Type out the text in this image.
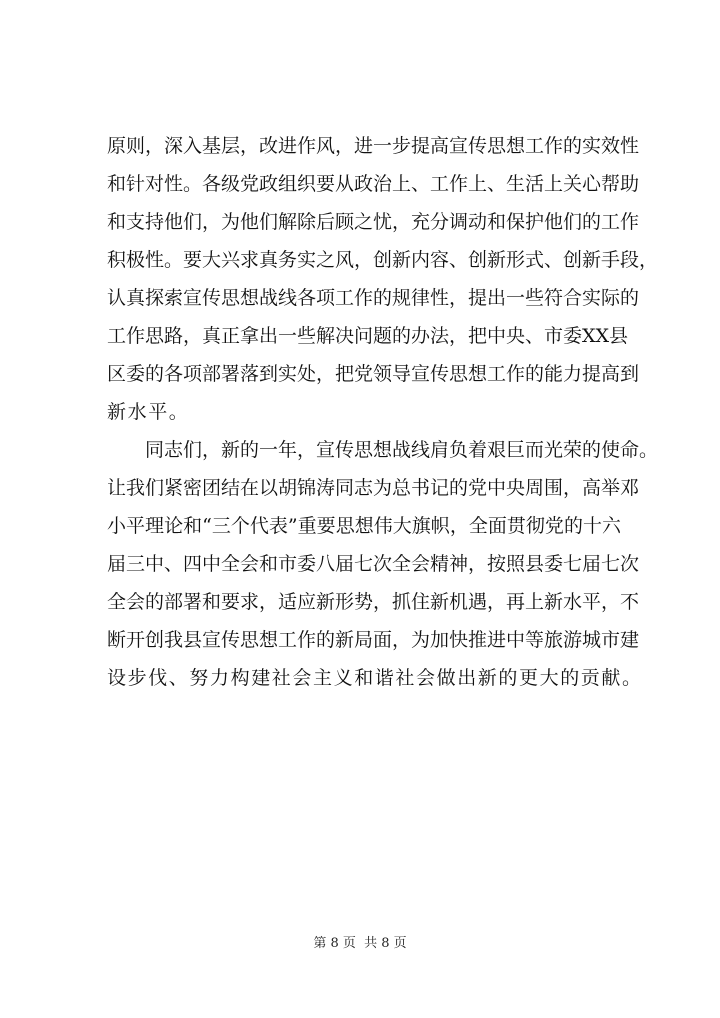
原则，深入基层，改进作风，进一步提高宣传思想工作的实效性
和针对性。各级党政组织要从政治上、工作上、生活上关心帮助
和支持他们，为他们解除后顾之忧，充分调动和保护他们的工作
积极性。要大兴求真务实之风，创新内容、创新形式、创新手段，
认真探索宣传思想战线各项工作的规律性，提出一些符合实际的
工作思路，真正拿出一些解决问题的办法，把中央、市委XX县
区委的各项部署落到实处，把党领导宣传思想工作的能力提高到
新水平。
同志们，新的一年，宣传思想战线肩负着艰巨而光荣的使命。
让我们紧密团结在以胡锦涛同志为总书记的党中央周围，高举邓
小平理论和“三个代表”重要思想伟大旗帜，全面贯彻党的十六
届三中、四中全会和市委八届七次全会精神，按照县委七届七次
全会的部署和要求，适应新形势，抓住新机遇，再上新水平，不
断开创我县宣传思想工作的新局面，为加快推进中等旅游城市建
设步伐、努力构建社会主义和谐社会做出新的更大的贡献。
第 8 页  共 8 页
